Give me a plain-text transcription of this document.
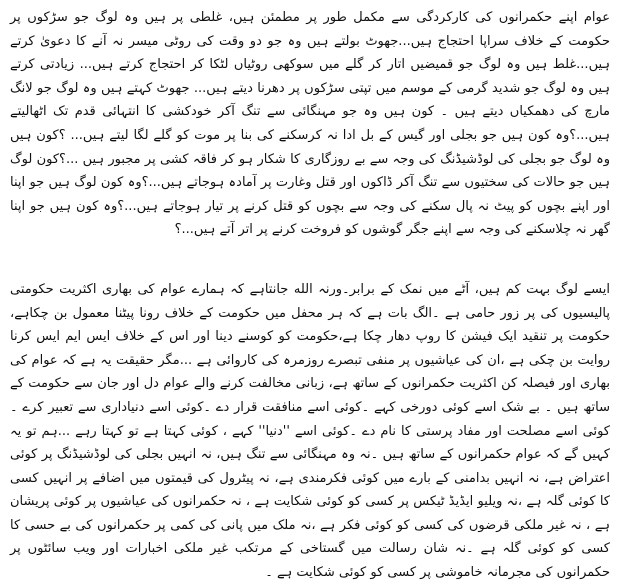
عوام اپنے حکمرانوں کی کارکردگی سے مکمل طور پر مطمئن ہیں، غلطی پر ہیں وہ لوگ جو سڑکوں پر حکومت کے خلاف سراپا احتجاج ہیں...جھوٹ بولتے ہیں وہ جو دو وقت کی روٹی میسر نہ آنے کا دعویٰ کرتے ہیں...غلط ہیں وہ لوگ جو قمیضیں اتار کر گلے میں سوکھی روٹیاں لٹکا کر احتجاج کرتے ہیں... زیادتی کرتے ہیں وہ لوگ جو شدید گرمی کے موسم میں تپتی سڑکوں پر دھرنا دیتے ہیں... جھوٹ کہتے ہیں وہ لوگ جو لانگ مارچ کی دھمکیاں دیتے ہیں ۔ کون ہیں وہ جو مہنگائی سے تنگ آکر خودکشی کا انتہائی قدم تک اٹھالیتے ہیں...؟وہ کون ہیں جو بجلی اور گیس کے بل ادا نہ کرسکنے کی بنا پر موت کو گلے لگا لیتے ہیں... ؟کون ہیں وہ لوگ جو بجلی کی لوڈشیڈنگ کی وجہ سے بے روزگاری کا شکار ہو کر فاقہ کشی پر مجبور ہیں ...؟کون لوگ ہیں جو حالات کی سختیوں سے تنگ آکر ڈاکوں اور قتل وغارت پر آمادہ ہوجاتے ہیں...؟وہ کون لوگ ہیں جو اپنا اور اپنے بچوں کو پیٹ نہ پال سکنے کی وجہ سے بچوں کو قتل کرنے پر تیار ہوجاتے ہیں...؟وہ کون ہیں جو اپنا گھر نہ چلاسکنے کی وجہ سے اپنے جگر گوشوں کو فروخت کرنے پر اتر آتے ہیں...؟

ایسے لوگ بہت کم ہیں، آٹے میں نمک کے برابر۔ورنہ الله جانتاہے کہ ہمارے عوام کی بھاری اکثریت حکومتی پالیسیوں کی پر زور حامی ہے ۔الگ بات ہے کہ ہر محفل میں حکومت کے خلاف رونا پیٹنا معمول بن چکاہے، حکومت پر تنقید ایک فیشن کا روپ دھار چکا ہے،حکومت کو کوسنے دینا اور اس کے خلاف ایس ایم ایس کرنا روایت بن چکی ہے ،ان کی عیاشیوں پر منفی تبصرے روزمرہ کی کاروائی ہے ...مگر حقیقت یہ ہے کہ عوام کی بھاری اور فیصلہ کن اکثریت حکمرانوں کے ساتھ ہے، زبانی مخالفت کرنے والے عوام دل اور جان سے حکومت کے ساتھ ہیں ۔ بے شک اسے کوئی دورخی کہے ۔کوئی اسے منافقت قرار دے ۔کوئی اسے دنیاداری سے تعبیر کرے ۔کوئی اسے مصلحت اور مفاد پرستی کا نام دے ۔کوئی اسے ''دنیا'' کہے ، کوئی کہتا ہے تو کہتا رہے ...ہم تو یہ کہیں گے کہ عوام حکمرانوں کے ساتھ ہیں ۔نہ وہ مہنگائی سے تنگ ہیں، نہ انہیں بجلی کی لوڈشیڈنگ پر کوئی اعتراض ہے، نہ انہیں بدامنی کے بارے میں کوئی فکرمندی ہے، نہ پیٹرول کی قیمتوں میں اضافے پر انہیں کسی کا کوئی گلہ ہے ،نہ ویلیو ایڈیڈ ٹیکس پر کسی کو کوئی شکایت ہے ، نہ حکمرانوں کی عیاشیوں پر کوئی پریشان ہے ، نہ غیر ملکی قرضوں کی کسی کو کوئی فکر ہے ،نہ ملک میں پانی کی کمی پر حکمرانوں کی بے حسی کا کسی کو کوئی گلہ ہے ۔نہ شان رسالت میں گستاخی کے مرتکب غیر ملکی اخبارات اور ویب سائٹوں پر حکمرانوں کی مجرمانہ خاموشی پر کسی کو کوئی شکایت ہے ۔
